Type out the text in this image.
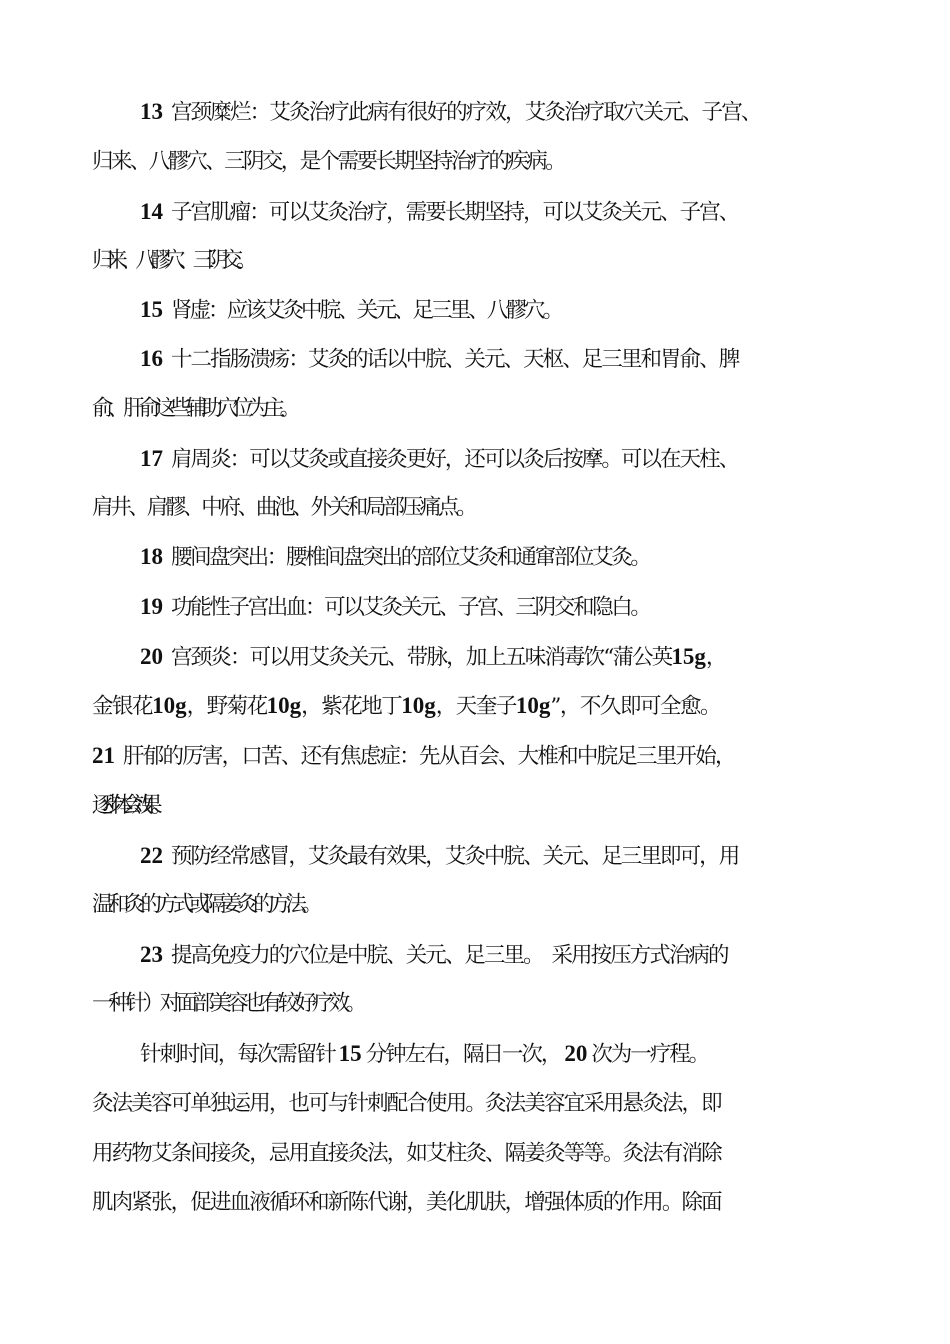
13 宫颈糜烂：艾灸治疗此病有很好的疗效，艾灸治疗取穴关元、子宫、
归来、八髎穴、三阴交，是个需要长期坚持治疗的疾病。
14 子宫肌瘤：可以艾灸治疗，需要长期坚持，可以艾灸关元、子宫、
归来、八髎穴、三阴交。
15 肾虚：应该艾灸中脘、关元、足三里、八髎穴。
16 十二指肠溃疡：艾灸的话以中脘、关元、天枢、足三里和胃俞、脾
俞、肝俞这些辅助穴位为主。
17 肩周炎：可以艾灸或直接灸更好，还可以灸后按摩。可以在天柱、
肩井、肩髎、中府、曲池、外关和局部压痛点。
18 腰间盘突出：腰椎间盘突出的部位艾灸和通窜部位艾灸。
19 功能性子宫出血：可以艾灸关元、子宫、三阴交和隐白。
20 宫颈炎：可以用艾灸关元、带脉，加上五味消毒饮“蒲公英15g，
金银花10g，野菊花10g，紫花地丁10g，天奎子10g”，不久即可全愈。
21 肝郁的厉害，口苦、还有焦虑症：先从百会、大椎和中脘足三里开始，
逐步体会效果。
22 预防经常感冒，艾灸最有效果，艾灸中脘、关元、足三里即可，用
温和灸的方式或隔姜灸的方法。
23 提高免疫力的穴位是中脘、关元、足三里。　采用按压方式治病的
一种针）对面部美容也有较好疗效。
针刺时间，每次需留针 15 分钟左右，隔日一次， 20 次为一疗程。
灸法美容可单独运用，也可与针刺配合使用。灸法美容宜采用悬灸法，即
用药物艾条间接灸，忌用直接灸法，如艾柱灸、隔姜灸等等。灸法有消除
肌肉紧张，促进血液循环和新陈代谢，美化肌肤，增强体质的作用。除面
